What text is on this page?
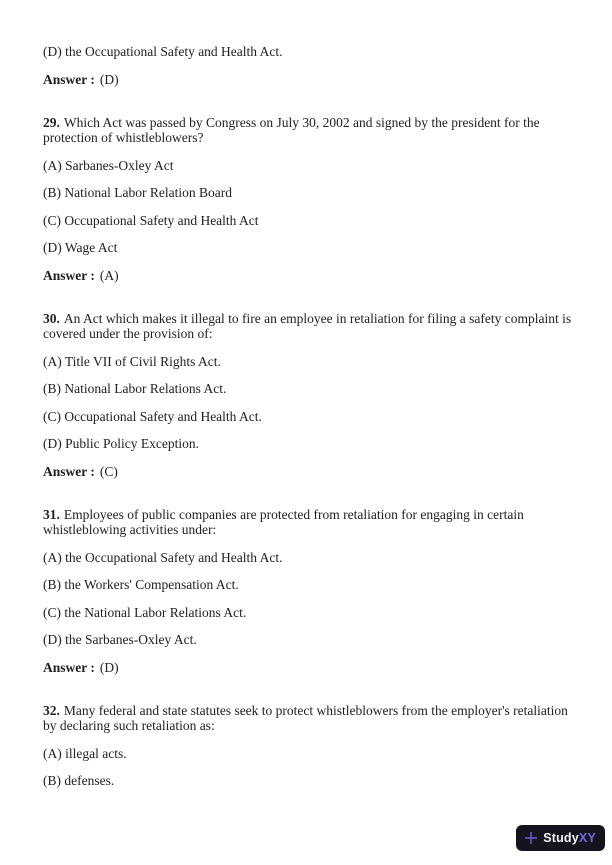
(D) the Occupational Safety and Health Act.

Answer : (D)

29. Which Act was passed by Congress on July 30, 2002 and signed by the president for the protection of whistleblowers?

(A) Sarbanes-Oxley Act

(B) National Labor Relation Board

(C) Occupational Safety and Health Act

(D) Wage Act

Answer : (A)

30. An Act which makes it illegal to fire an employee in retaliation for filing a safety complaint is covered under the provision of:

(A) Title VII of Civil Rights Act.

(B) National Labor Relations Act.

(C) Occupational Safety and Health Act.

(D) Public Policy Exception.

Answer : (C)

31. Employees of public companies are protected from retaliation for engaging in certain whistleblowing activities under:

(A) the Occupational Safety and Health Act.

(B) the Workers' Compensation Act.

(C) the National Labor Relations Act.

(D) the Sarbanes-Oxley Act.

Answer : (D)

32. Many federal and state statutes seek to protect whistleblowers from the employer's retaliation by declaring such retaliation as:

(A) illegal acts.

(B) defenses.

StudyXY
